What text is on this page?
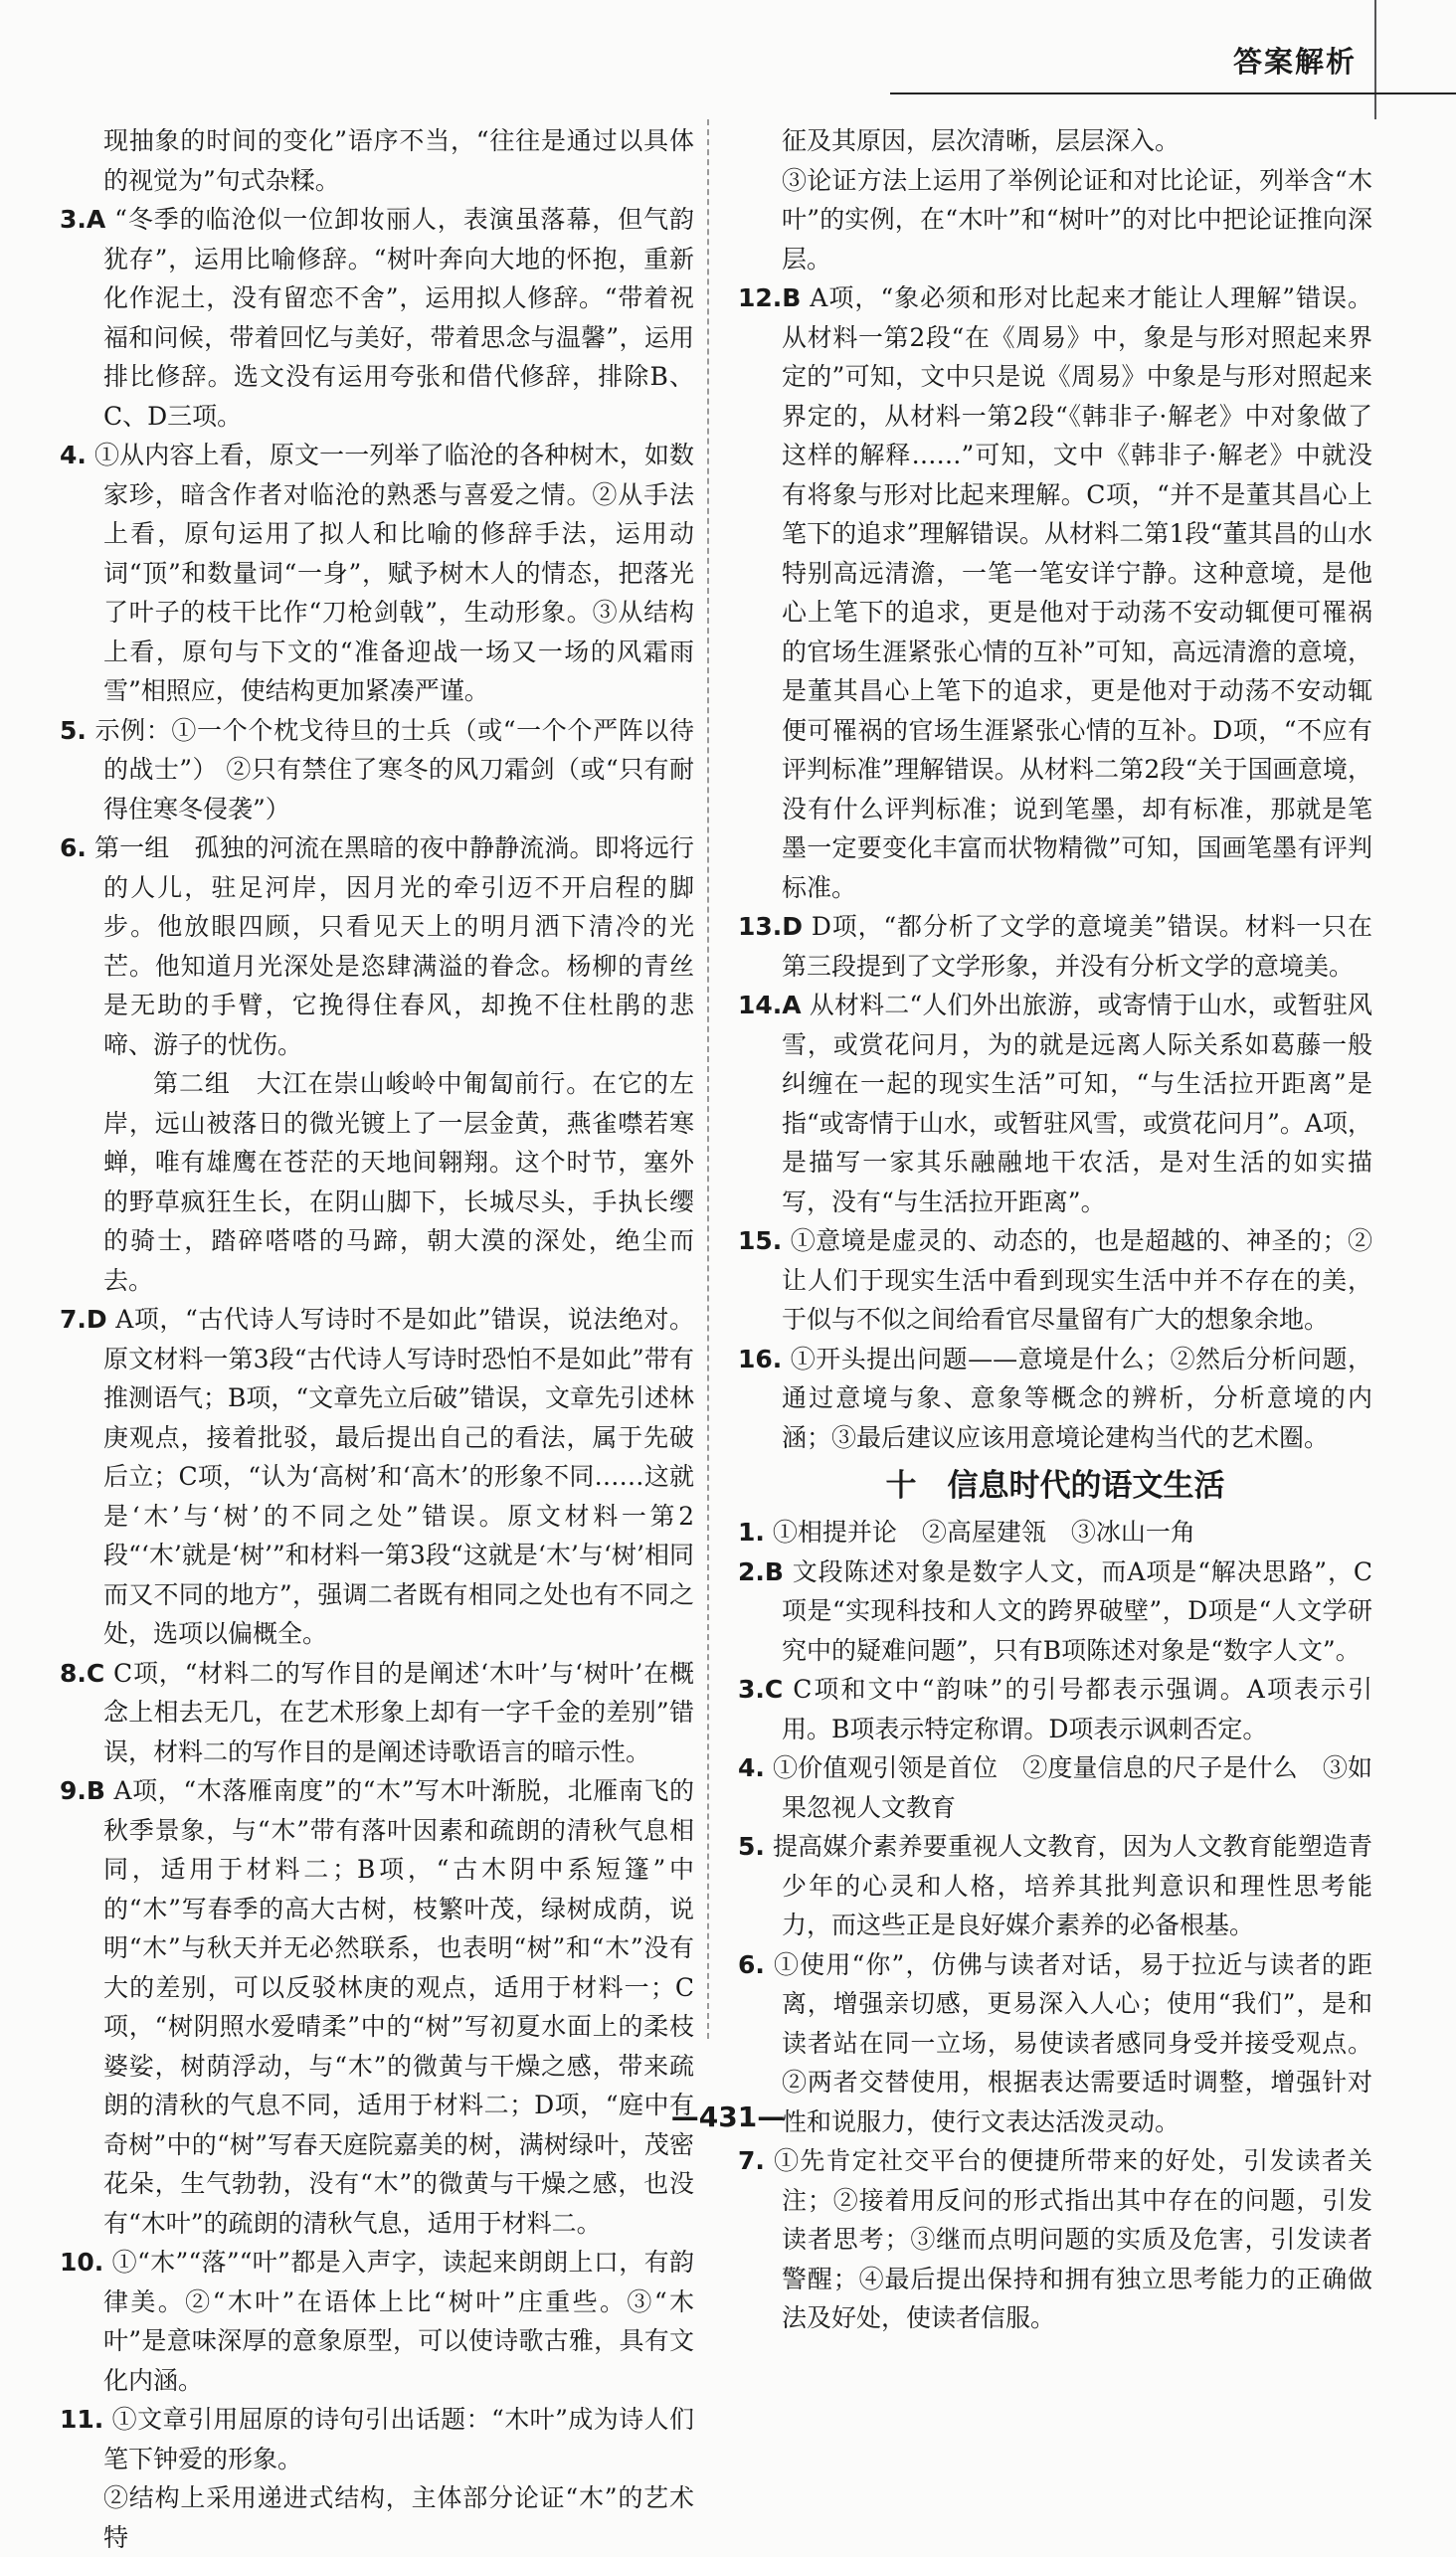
答案解析

现抽象的时间的变化”语序不当，“往往是通过以具体的视觉为”句式杂糅。

3.A “冬季的临沧似一位卸妆丽人，表演虽落幕，但气韵犹存”，运用比喻修辞。“树叶奔向大地的怀抱，重新化作泥土，没有留恋不舍”，运用拟人修辞。“带着祝福和问候，带着回忆与美好，带着思念与温馨”，运用排比修辞。选文没有运用夸张和借代修辞，排除B、C、D三项。

4. ①从内容上看，原文一一列举了临沧的各种树木，如数家珍，暗含作者对临沧的熟悉与喜爱之情。②从手法上看，原句运用了拟人和比喻的修辞手法，运用动词“顶”和数量词“一身”，赋予树木人的情态，把落光了叶子的枝干比作“刀枪剑戟”，生动形象。③从结构上看，原句与下文的“准备迎战一场又一场的风霜雨雪”相照应，使结构更加紧凑严谨。

5. 示例：①一个个枕戈待旦的士兵（或“一个个严阵以待的战士”） ②只有禁住了寒冬的风刀霜剑（或“只有耐得住寒冬侵袭”）

6. 第一组　孤独的河流在黑暗的夜中静静流淌。即将远行的人儿，驻足河岸，因月光的牵引迈不开启程的脚步。他放眼四顾，只看见天上的明月洒下清冷的光芒。他知道月光深处是恣肆满溢的眷念。杨柳的青丝是无助的手臂，它挽得住春风，却挽不住杜鹃的悲啼、游子的忧伤。

第二组　大江在崇山峻岭中匍匐前行。在它的左岸，远山被落日的微光镀上了一层金黄，燕雀噤若寒蝉，唯有雄鹰在苍茫的天地间翱翔。这个时节，塞外的野草疯狂生长，在阴山脚下，长城尽头，手执长缨的骑士，踏碎嗒嗒的马蹄，朝大漠的深处，绝尘而去。

7.D A项，“古代诗人写诗时不是如此”错误，说法绝对。原文材料一第3段“古代诗人写诗时恐怕不是如此”带有推测语气；B项，“文章先立后破”错误，文章先引述林庚观点，接着批驳，最后提出自己的看法，属于先破后立；C项，“认为‘高树’和‘高木’的形象不同……这就是‘木’与‘树’的不同之处”错误。原文材料一第2段“‘木’就是‘树’”和材料一第3段“这就是‘木’与‘树’相同而又不同的地方”，强调二者既有相同之处也有不同之处，选项以偏概全。

8.C C项，“材料二的写作目的是阐述‘木叶’与‘树叶’在概念上相去无几，在艺术形象上却有一字千金的差别”错误，材料二的写作目的是阐述诗歌语言的暗示性。

9.B A项，“木落雁南度”的“木”写木叶渐脱，北雁南飞的秋季景象，与“木”带有落叶因素和疏朗的清秋气息相同，适用于材料二；B项，“古木阴中系短篷”中的“木”写春季的高大古树，枝繁叶茂，绿树成荫，说明“木”与秋天并无必然联系，也表明“树”和“木”没有大的差别，可以反驳林庚的观点，适用于材料一；C项，“树阴照水爱晴柔”中的“树”写初夏水面上的柔枝婆娑，树荫浮动，与“木”的微黄与干燥之感，带来疏朗的清秋的气息不同，适用于材料二；D项，“庭中有奇树”中的“树”写春天庭院嘉美的树，满树绿叶，茂密花朵，生气勃勃，没有“木”的微黄与干燥之感，也没有“木叶”的疏朗的清秋气息，适用于材料二。

10. ①“木”“落”“叶”都是入声字，读起来朗朗上口，有韵律美。②“木叶”在语体上比“树叶”庄重些。③“木叶”是意味深厚的意象原型，可以使诗歌古雅，具有文化内涵。

11. ①文章引用屈原的诗句引出话题：“木叶”成为诗人们笔下钟爱的形象。

②结构上采用递进式结构，主体部分论证“木”的艺术特

征及其原因，层次清晰，层层深入。

③论证方法上运用了举例论证和对比论证，列举含“木叶”的实例，在“木叶”和“树叶”的对比中把论证推向深层。

12.B A项，“象必须和形对比起来才能让人理解”错误。从材料一第2段“在《周易》中，象是与形对照起来界定的”可知，文中只是说《周易》中象是与形对照起来界定的，从材料一第2段“《韩非子·解老》中对象做了这样的解释……”可知，文中《韩非子·解老》中就没有将象与形对比起来理解。C项，“并不是董其昌心上笔下的追求”理解错误。从材料二第1段“董其昌的山水特别高远清澹，一笔一笔安详宁静。这种意境，是他心上笔下的追求，更是他对于动荡不安动辄便可罹祸的官场生涯紧张心情的互补”可知，高远清澹的意境，是董其昌心上笔下的追求，更是他对于动荡不安动辄便可罹祸的官场生涯紧张心情的互补。D项，“不应有评判标准”理解错误。从材料二第2段“关于国画意境，没有什么评判标准；说到笔墨，却有标准，那就是笔墨一定要变化丰富而状物精微”可知，国画笔墨有评判标准。

13.D D项，“都分析了文学的意境美”错误。材料一只在第三段提到了文学形象，并没有分析文学的意境美。

14.A 从材料二“人们外出旅游，或寄情于山水，或暂驻风雪，或赏花问月，为的就是远离人际关系如葛藤一般纠缠在一起的现实生活”可知，“与生活拉开距离”是指“或寄情于山水，或暂驻风雪，或赏花问月”。A项，是描写一家其乐融融地干农活，是对生活的如实描写，没有“与生活拉开距离”。

15. ①意境是虚灵的、动态的，也是超越的、神圣的；②让人们于现实生活中看到现实生活中并不存在的美，于似与不似之间给看官尽量留有广大的想象余地。

16. ①开头提出问题——意境是什么；②然后分析问题，通过意境与象、意象等概念的辨析，分析意境的内涵；③最后建议应该用意境论建构当代的艺术圈。

十　信息时代的语文生活

1. ①相提并论　②高屋建瓴　③冰山一角

2.B 文段陈述对象是数字人文，而A项是“解决思路”，C项是“实现科技和人文的跨界破壁”，D项是“人文学研究中的疑难问题”，只有B项陈述对象是“数字人文”。

3.C C项和文中“韵味”的引号都表示强调。A项表示引用。B项表示特定称谓。D项表示讽刺否定。

4. ①价值观引领是首位　②度量信息的尺子是什么　③如果忽视人文教育

5. 提高媒介素养要重视人文教育，因为人文教育能塑造青少年的心灵和人格，培养其批判意识和理性思考能力，而这些正是良好媒介素养的必备根基。

6. ①使用“你”，仿佛与读者对话，易于拉近与读者的距离，增强亲切感，更易深入人心；使用“我们”，是和读者站在同一立场，易使读者感同身受并接受观点。②两者交替使用，根据表达需要适时调整，增强针对性和说服力，使行文表达活泼灵动。

7. ①先肯定社交平台的便捷所带来的好处，引发读者关注；②接着用反问的形式指出其中存在的问题，引发读者思考；③继而点明问题的实质及危害，引发读者警醒；④最后提出保持和拥有独立思考能力的正确做法及好处，使读者信服。

—431—
